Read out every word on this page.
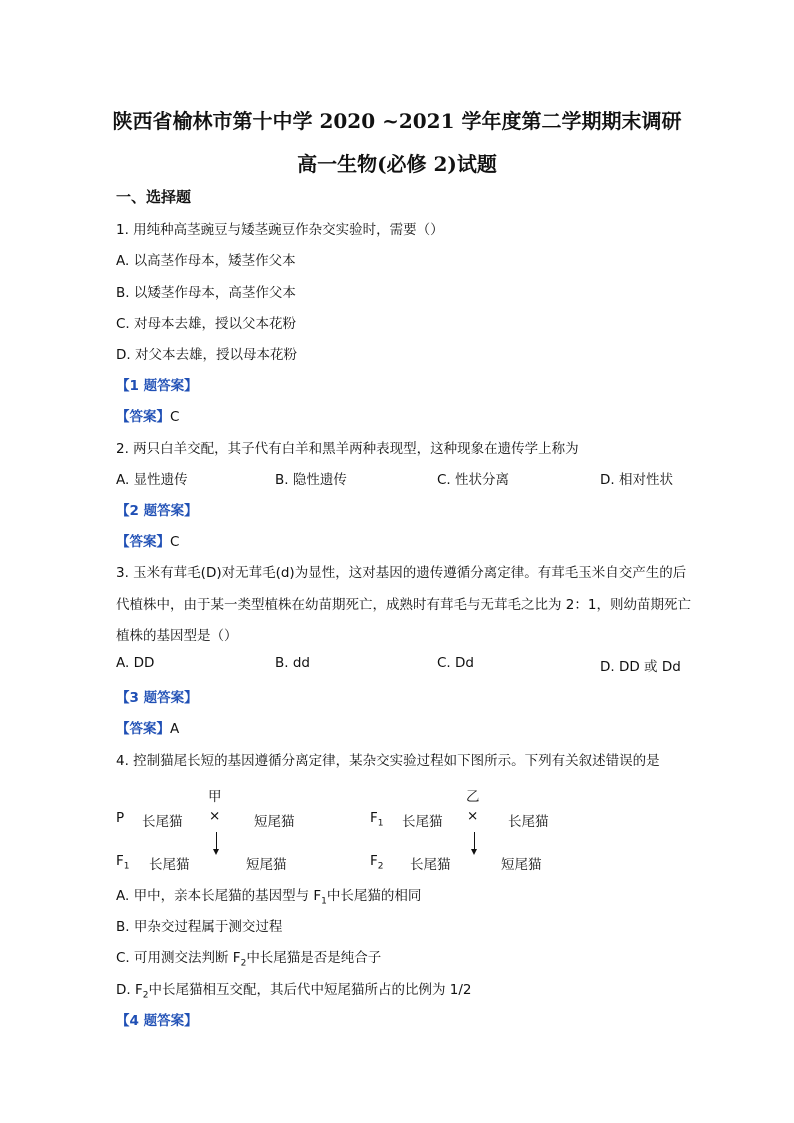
陕西省榆林市第十中学 2020 ~2021 学年度第二学期期末调研
高一生物(必修 2)试题
一、选择题
1. 用纯种高茎豌豆与矮茎豌豆作杂交实验时，需要（）
A. 以高茎作母本，矮茎作父本
B. 以矮茎作母本，高茎作父本
C. 对母本去雄，授以父本花粉
D. 对父本去雄，授以母本花粉
【1 题答案】
【答案】C
2. 两只白羊交配，其子代有白羊和黑羊两种表现型，这种现象在遗传学上称为
A. 显性遗传	B. 隐性遗传	C. 性状分离	D. 相对性状
【2 题答案】
【答案】C
3. 玉米有茸毛(D)对无茸毛(d)为显性，这对基因的遗传遵循分离定律。有茸毛玉米自交产生的后
代植株中，由于某一类型植株在幼苗期死亡，成熟时有茸毛与无茸毛之比为 2：1，则幼苗期死亡
植株的基因型是（）
A. DD	B. dd	C. Dd	D. DD 或 Dd
【3 题答案】
【答案】A
4. 控制猫尾长短的基因遵循分离定律，某杂交实验过程如下图所示。下列有关叙述错误的是
甲
P 长尾猫 × 短尾猫
$F_1$ 长尾猫	短尾猫
乙
$F_1$ 长尾猫 × 长尾猫
$F_2$ 长尾猫	短尾猫
A. 甲中，亲本长尾猫的基因型与 $F_1$中长尾猫的相同
B. 甲杂交过程属于测交过程
C. 可用测交法判断 $F_2$中长尾猫是否是纯合子
D. $F_2$中长尾猫相互交配，其后代中短尾猫所占的比例为 1/2
【4 题答案】
